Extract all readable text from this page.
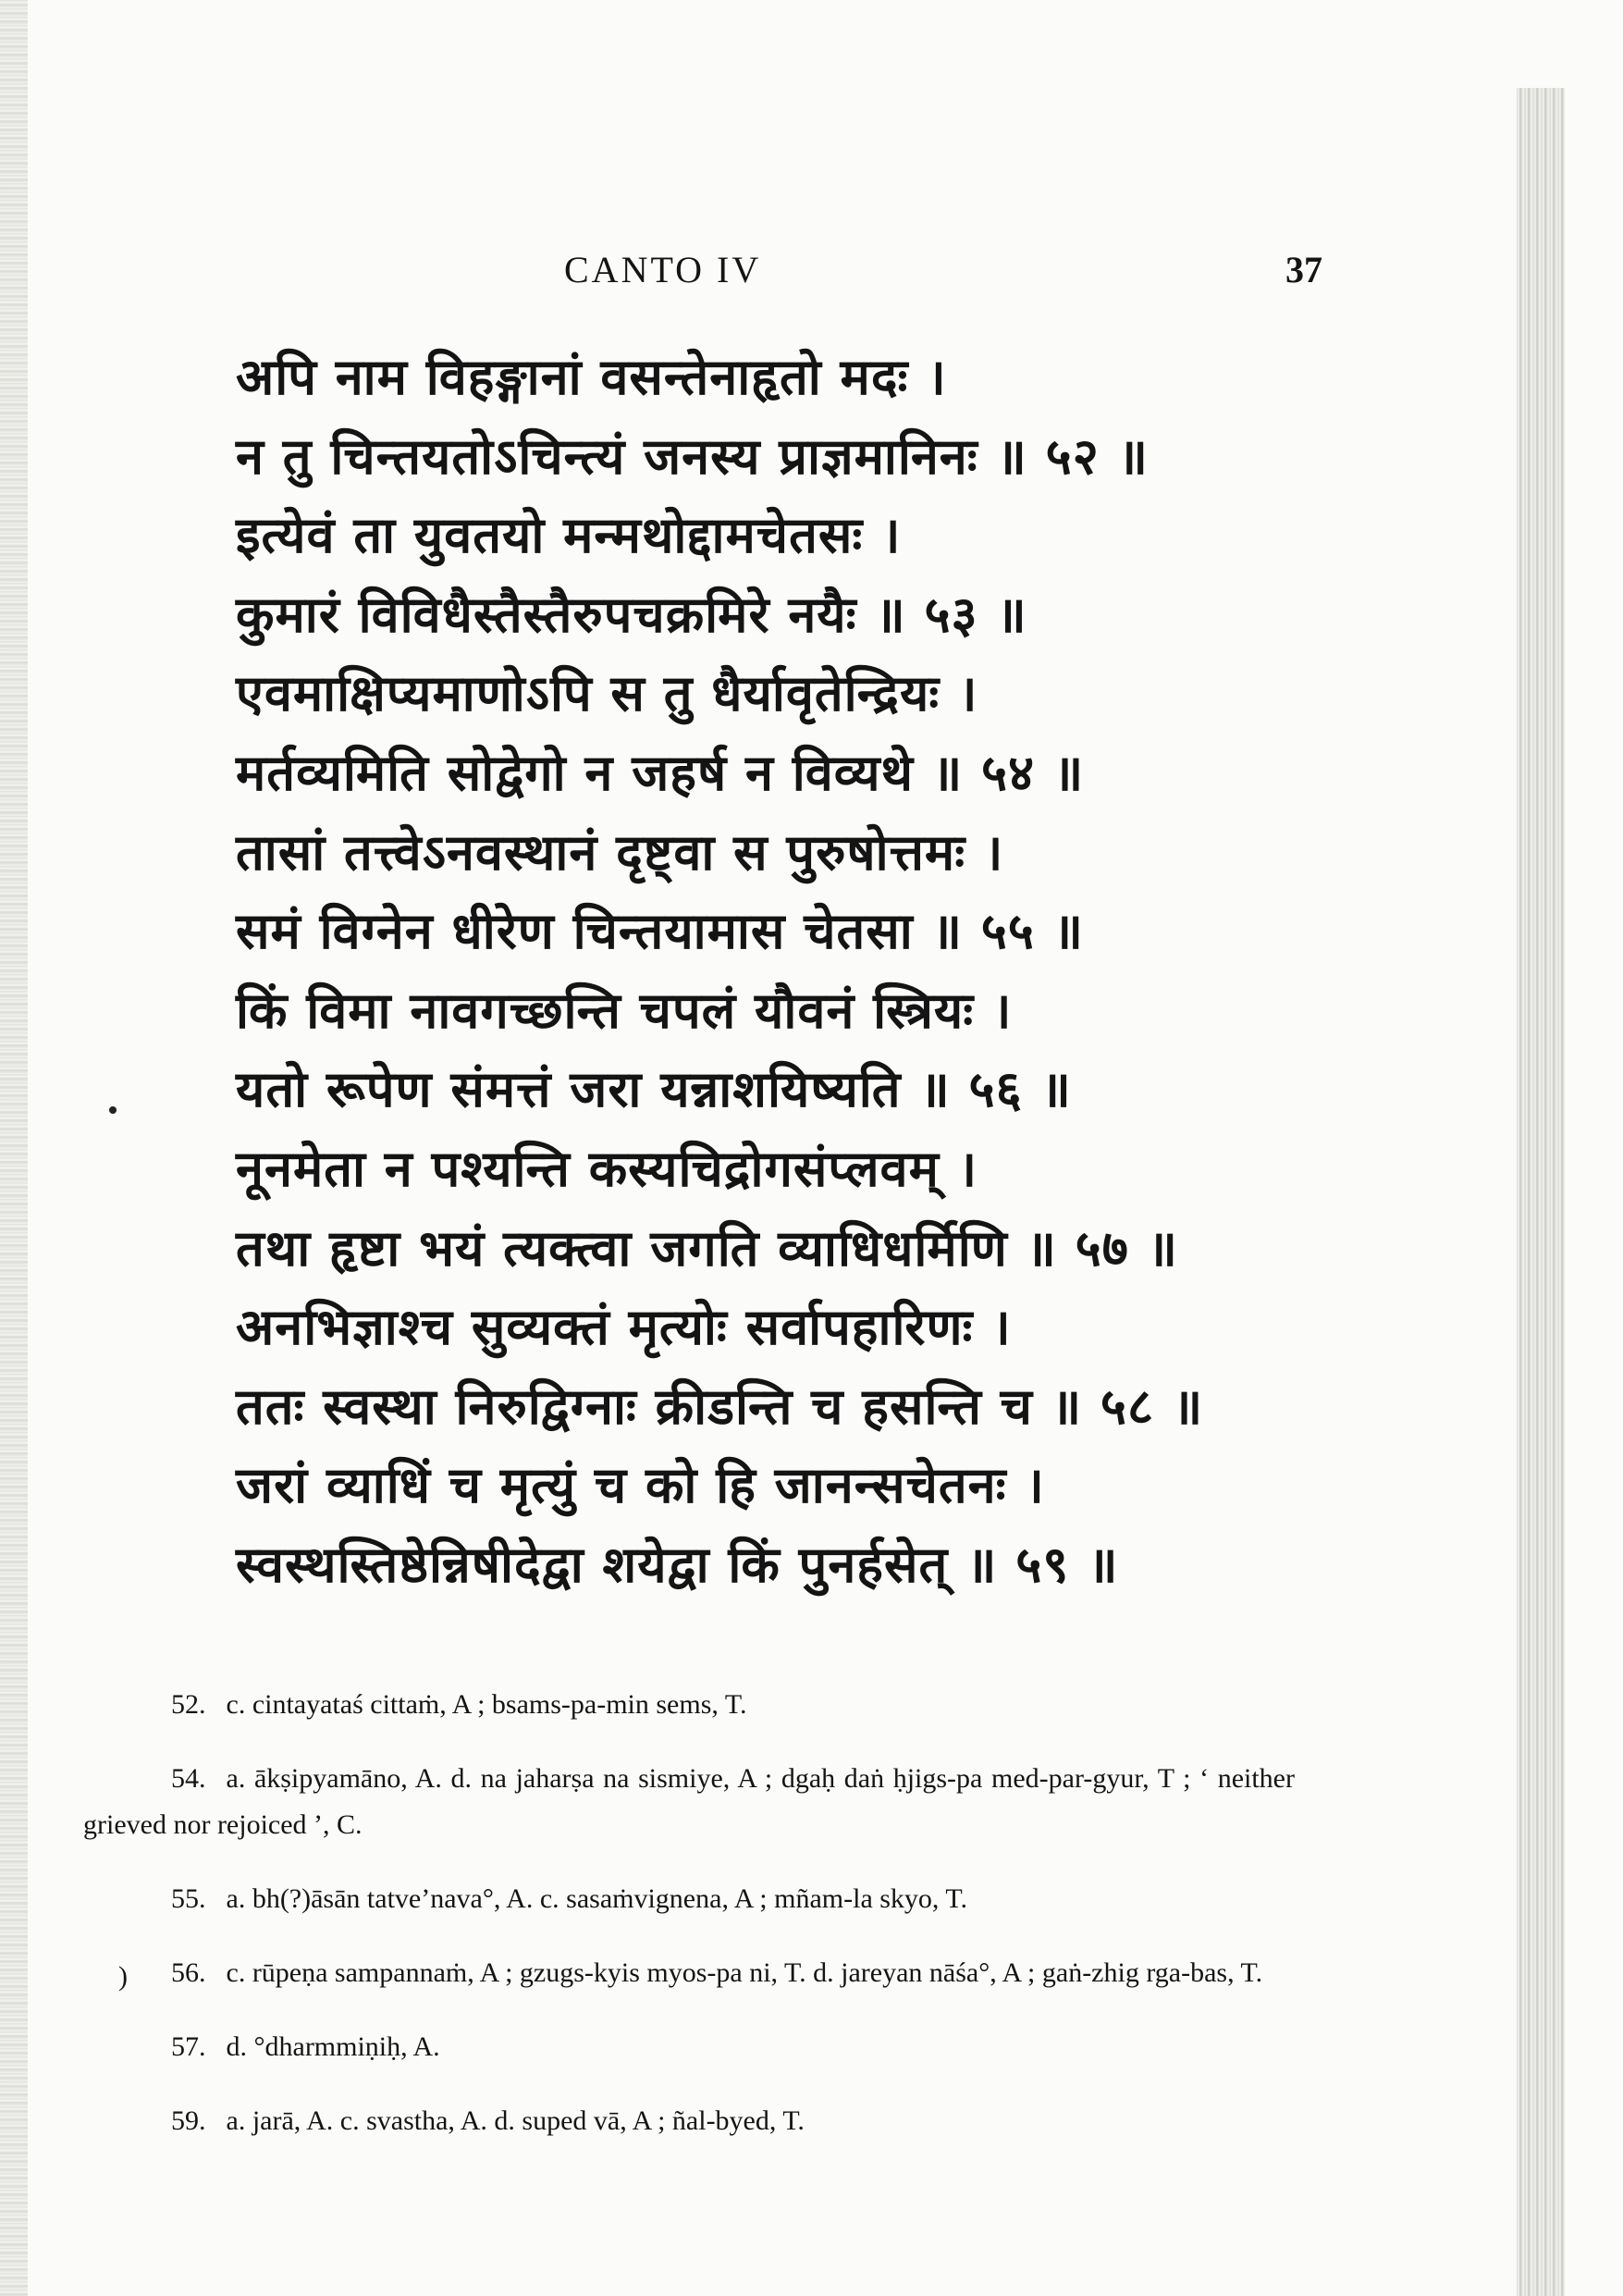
CANTO IV	37
अपि नाम विहङ्गानां वसन्तेनाहृतो मदः ।
न तु चिन्तयतोऽचिन्त्यं जनस्य प्राज्ञमानिनः ॥ ५२ ॥
इत्येवं ता युवतयो मन्मथोद्दामचेतसः ।
कुमारं विविधैस्तैस्तैरुपचक्रमिरे नयैः ॥ ५३ ॥
एवमाक्षिप्यमाणोऽपि स तु धैर्यावृतेन्द्रियः ।
मर्तव्यमिति सोद्वेगो न जहर्ष न विव्यथे ॥ ५४ ॥
तासां तत्त्वेऽनवस्थानं दृष्ट्वा स पुरुषोत्तमः ।
समं विग्नेन धीरेण चिन्तयामास चेतसा ॥ ५५ ॥
किं विमा नावगच्छन्ति चपलं यौवनं स्त्रियः ।
यतो रूपेण संमत्तं जरा यन्नाशयिष्यति ॥ ५६ ॥
नूनमेता न पश्यन्ति कस्यचिद्रोगसंप्लवम् ।
तथा हृष्टा भयं त्यक्त्वा जगति व्याधिधर्मिणि ॥ ५७ ॥
अनभिज्ञाश्च सुव्यक्तं मृत्योः सर्वापहारिणः ।
ततः स्वस्था निरुद्विग्नाः क्रीडन्ति च हसन्ति च ॥ ५८ ॥
जरां व्याधिं च मृत्युं च को हि जानन्सचेतनः ।
स्वस्थस्तिष्ठेन्निषीदेद्वा शयेद्वा किं पुनर्हसेत् ॥ ५९ ॥
)

52. c. cintayataś cittaṁ, A ; bsams-pa-min sems, T.

54. a. ākṣipyamāno, A. d. na jaharṣa na sismiye, A ; dgaḥ daṅ ḥjigs-pa med-par-gyur, T ; ‘ neither grieved nor rejoiced ’, C.

55. a. bh(?)āsān tatve’nava°, A. c. sasaṁvignena, A ; mñam-la skyo, T.

56. c. rūpeṇa sampannaṁ, A ; gzugs-kyis myos-pa ni, T. d. jareyan nāśa°, A ; gaṅ-zhig rga-bas, T.

57. d. °dharmmiṇiḥ, A.

59. a. jarā, A. c. svastha, A. d. suped vā, A ; ñal-byed, T.
